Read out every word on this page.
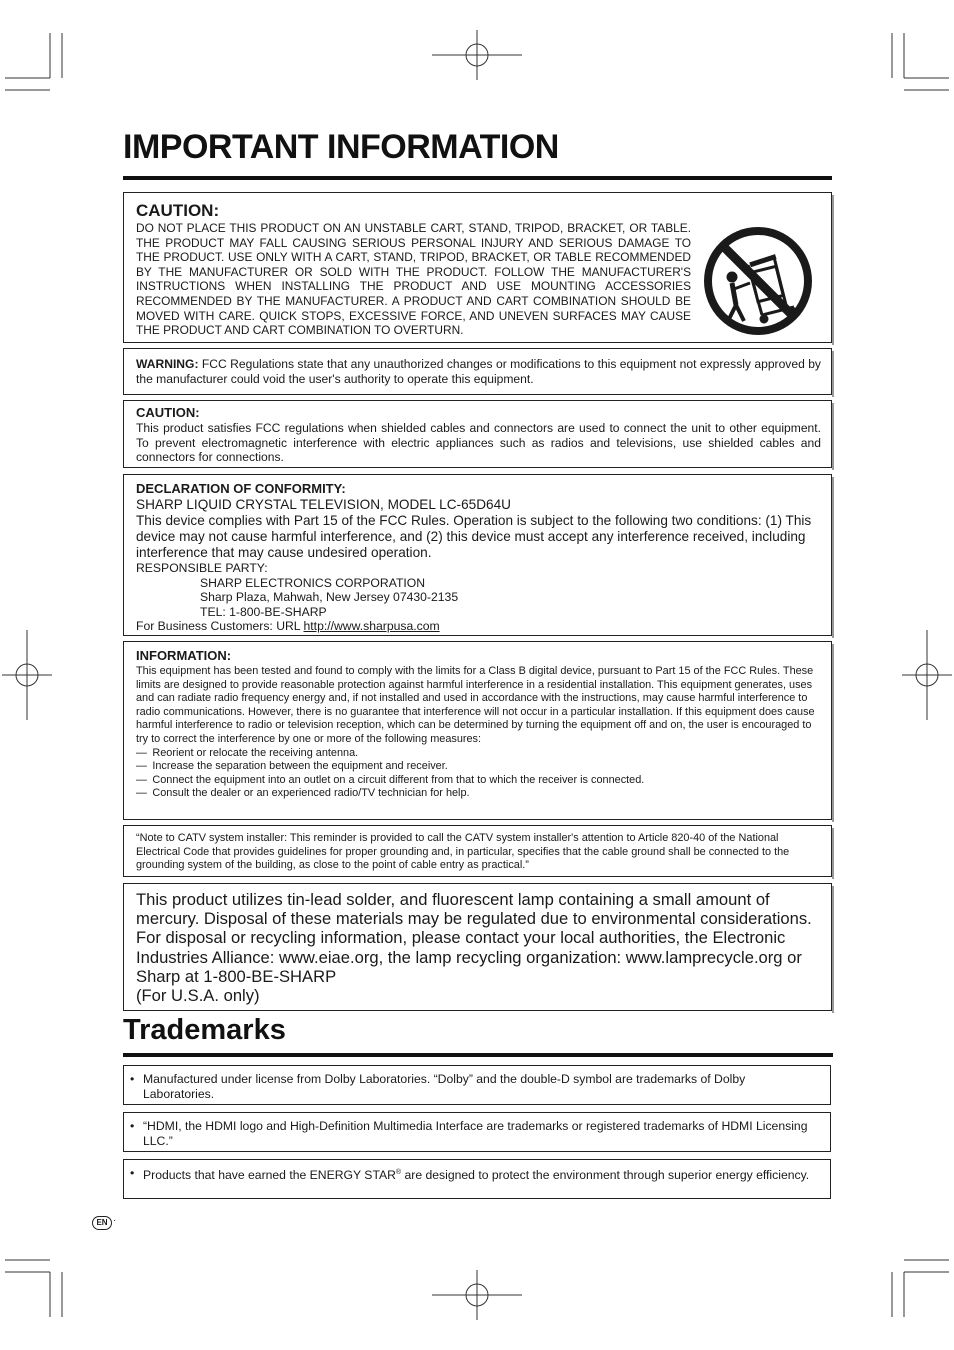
IMPORTANT INFORMATION
CAUTION:
DO NOT PLACE THIS PRODUCT ON AN UNSTABLE CART, STAND, TRIPOD, BRACKET, OR TABLE. THE PRODUCT MAY FALL CAUSING SERIOUS PERSONAL INJURY AND SERIOUS DAMAGE TO THE PRODUCT. USE ONLY WITH A CART, STAND, TRIPOD, BRACKET, OR TABLE RECOMMENDED BY THE MANUFACTURER OR SOLD WITH THE PRODUCT. FOLLOW THE MANUFACTURER'S INSTRUCTIONS WHEN INSTALLING THE PRODUCT AND USE MOUNTING ACCESSORIES RECOMMENDED BY THE MANUFACTURER. A PRODUCT AND CART COMBINATION SHOULD BE MOVED WITH CARE. QUICK STOPS, EXCESSIVE FORCE, AND UNEVEN SURFACES MAY CAUSE THE PRODUCT AND CART COMBINATION TO OVERTURN.
WARNING: FCC Regulations state that any unauthorized changes or modifications to this equipment not expressly approved by the manufacturer could void the user's authority to operate this equipment.
CAUTION:
This product satisfies FCC regulations when shielded cables and connectors are used to connect the unit to other equipment. To prevent electromagnetic interference with electric appliances such as radios and televisions, use shielded cables and connectors for connections.
DECLARATION OF CONFORMITY:
SHARP LIQUID CRYSTAL TELEVISION, MODEL LC-65D64U
This device complies with Part 15 of the FCC Rules. Operation is subject to the following two conditions: (1) This device may not cause harmful interference, and (2) this device must accept any interference received, including interference that may cause undesired operation.
RESPONSIBLE PARTY:
SHARP ELECTRONICS CORPORATION
Sharp Plaza, Mahwah, New Jersey 07430-2135
TEL: 1-800-BE-SHARP
For Business Customers: URL http://www.sharpusa.com
INFORMATION:
This equipment has been tested and found to comply with the limits for a Class B digital device, pursuant to Part 15 of the FCC Rules. These limits are designed to provide reasonable protection against harmful interference in a residential installation. This equipment generates, uses and can radiate radio frequency energy and, if not installed and used in accordance with the instructions, may cause harmful interference to radio communications. However, there is no guarantee that interference will not occur in a particular installation. If this equipment does cause harmful interference to radio or television reception, which can be determined by turning the equipment off and on, the user is encouraged to try to correct the interference by one or more of the following measures:
— Reorient or relocate the receiving antenna.
— Increase the separation between the equipment and receiver.
— Connect the equipment into an outlet on a circuit different from that to which the receiver is connected.
— Consult the dealer or an experienced radio/TV technician for help.
“Note to CATV system installer: This reminder is provided to call the CATV system installer's attention to Article 820-40 of the National Electrical Code that provides guidelines for proper grounding and, in particular, specifies that the cable ground shall be connected to the grounding system of the building, as close to the point of cable entry as practical.”
This product utilizes tin-lead solder, and fluorescent lamp containing a small amount of mercury. Disposal of these materials may be regulated due to environmental considerations. For disposal or recycling information, please contact your local authorities, the Electronic Industries Alliance: www.eiae.org, the lamp recycling organization: www.lamprecycle.org or Sharp at 1-800-BE-SHARP
(For U.S.A. only)
Trademarks
• Manufactured under license from Dolby Laboratories. “Dolby” and the double-D symbol are trademarks of Dolby Laboratories.
• “HDMI, the HDMI logo and High-Definition Multimedia Interface are trademarks or registered trademarks of HDMI Licensing LLC.”
• Products that have earned the ENERGY STAR® are designed to protect the environment through superior energy efficiency.
EN ·
